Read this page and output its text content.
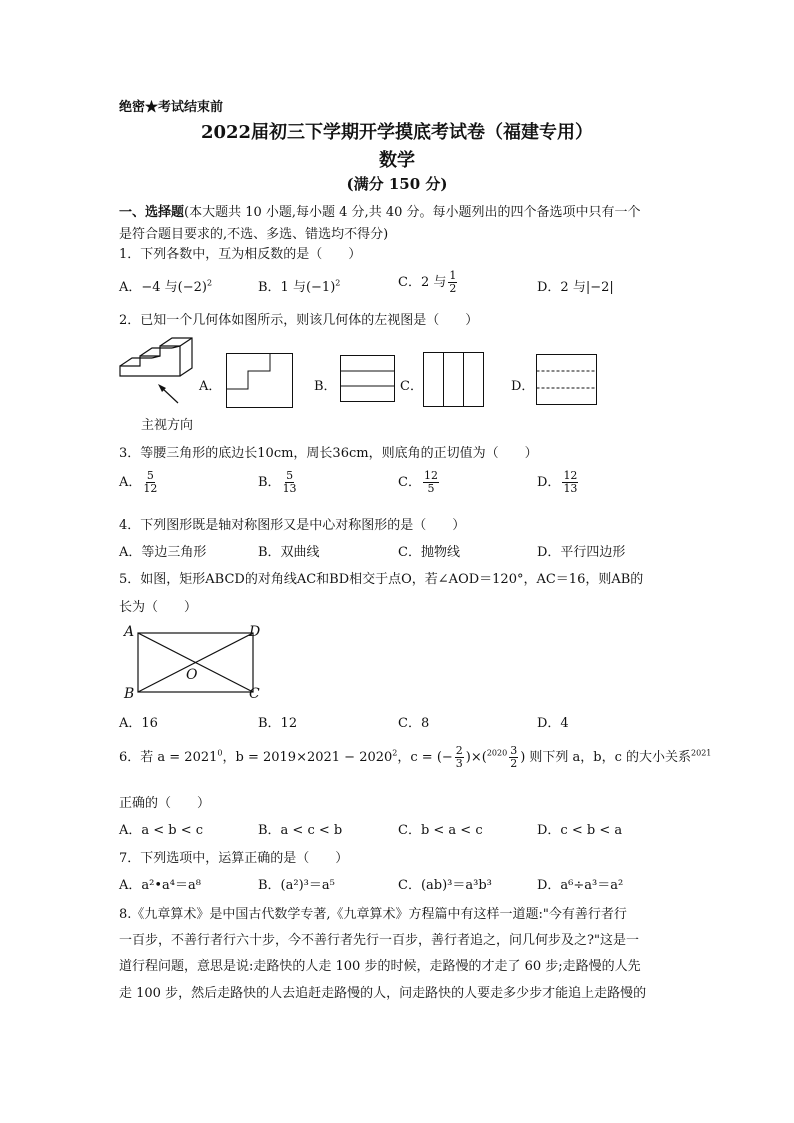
绝密★考试结束前
2022届初三下学期开学摸底考试卷（福建专用）
数学
(满分 150 分)
一、选择题(本大题共 10 小题,每小题 4 分,共 40 分。每小题列出的四个备选项中只有一个
是符合题目要求的,不选、多选、错选均不得分)
1．下列各数中，互为相反数的是（　　）
A．−4 与$(-2)^2$	B．1 与$(-1)^2$	C．2 与 $\frac{1}{2}$	D．2 与|−2|
2．已知一个几何体如图所示，则该几何体的左视图是（　　）
主视方向
A．	B．	C．	D．
3．等腰三角形的底边长10cm，周长36cm，则底角的正切值为（　　）
A． $\frac{5}{12}$	B． $\frac{5}{13}$	C． $\frac{12}{5}$	D． $\frac{12}{13}$
4．下列图形既是轴对称图形又是中心对称图形的是（　　）
A．等边三角形	B．双曲线	C．抛物线	D．平行四边形
5．如图，矩形ABCD的对角线AC和BD相交于点O，若∠AOD＝120°，AC＝16，则AB的
长为（　　）
A
B	C
D
O
A．16	B．12	C．8	D．4
6．若 $a = 2021^0$，$b = 2019\times 2021 - 2020^2$，c = (− $\frac{2}{3} )\times(^{2020} \frac{3}{2}$ ) 则下列 a，b，c 的大小关系$^{2021}$
正确的（　　）
A．a < b < c	B．a < c < b	C．b < a < c	D．c < b < a
7．下列选项中，运算正确的是（　　）
A．a²•a⁴＝a⁸	B．(a²)³＝a⁵	C．(ab)³＝a³b³	D．a⁶÷a³＝a²
8.《九章算术》是中国古代数学专著,《九章算术》方程篇中有这样一道题:"今有善行者行
一百步，不善行者行六十步，今不善行者先行一百步，善行者追之，问几何步及之?"这是一
道行程问题，意思是说:走路快的人走 100 步的时候，走路慢的才走了 60 步;走路慢的人先
走 100 步，然后走路快的人去追赶走路慢的人，问走路快的人要走多少步才能追上走路慢的
